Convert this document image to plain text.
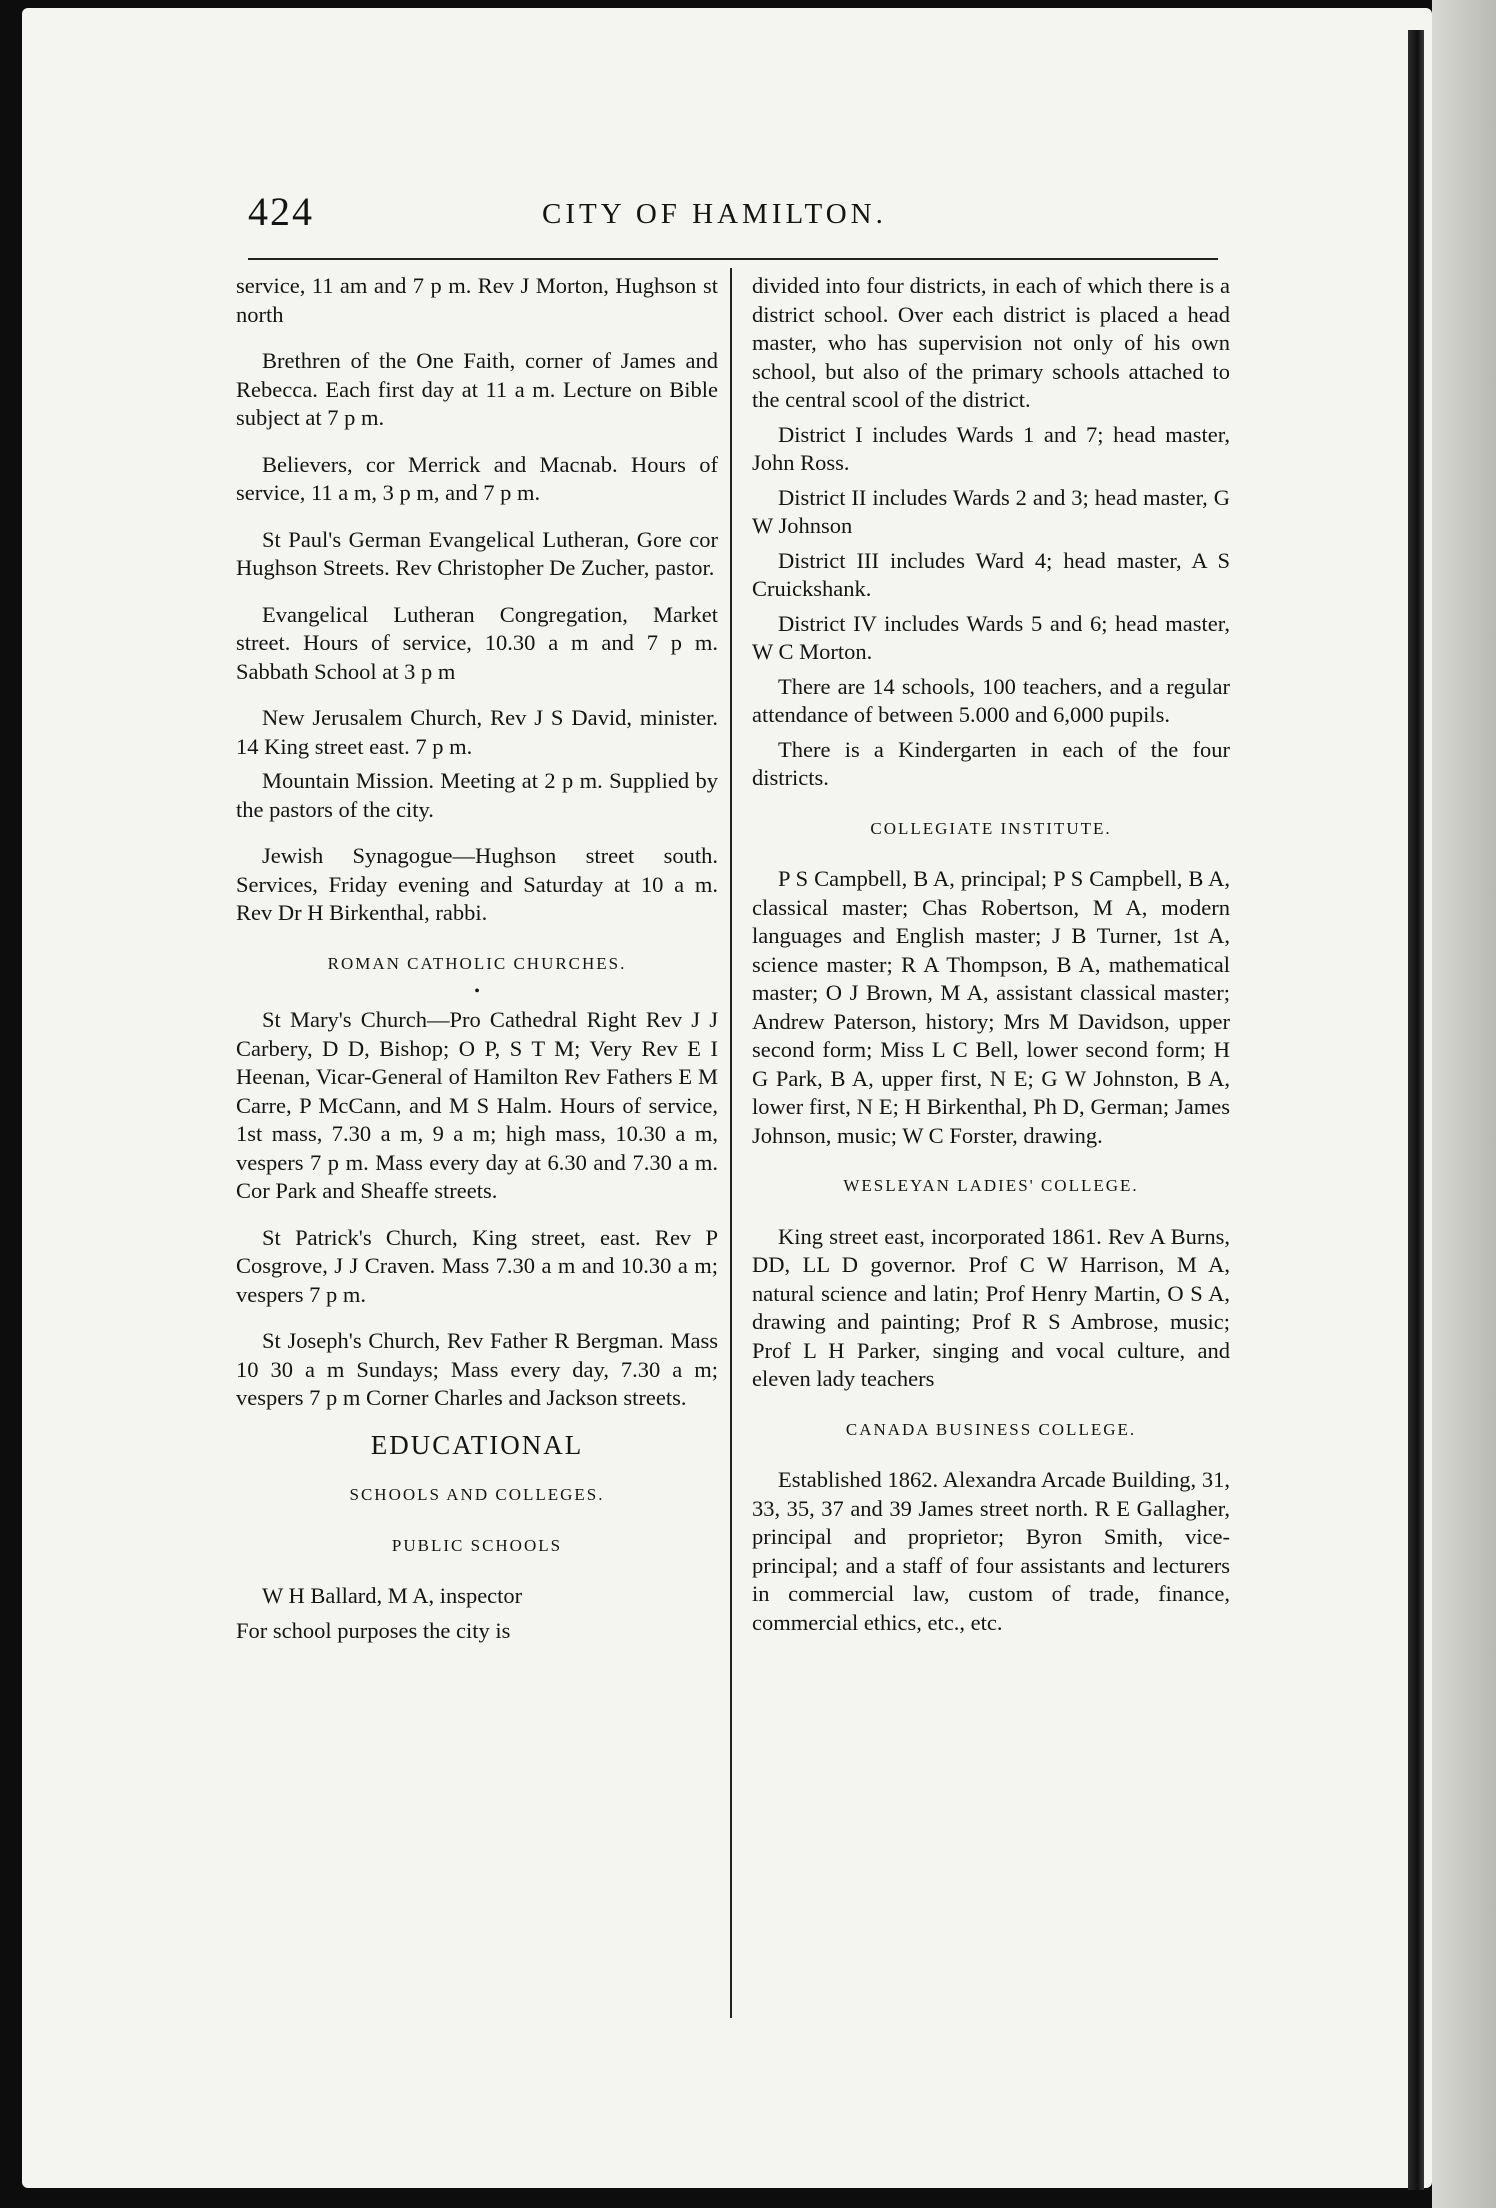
424	CITY OF HAMILTON.

service, 11 am and 7 p m. Rev J Morton, Hughson st north

Brethren of the One Faith, corner of James and Rebecca. Each first day at 11 a m. Lecture on Bible subject at 7 p m.

Believers, cor Merrick and Macnab. Hours of service, 11 a m, 3 p m, and 7 p m.

St Paul's German Evangelical Lutheran, Gore cor Hughson Streets. Rev Christopher De Zucher, pastor.

Evangelical Lutheran Congregation, Market street. Hours of service, 10.30 a m and 7 p m. Sabbath School at 3 p m

New Jerusalem Church, Rev J S David, minister. 14 King street east. 7 p m.

Mountain Mission. Meeting at 2 p m. Supplied by the pastors of the city.

Jewish Synagogue—Hughson street south. Services, Friday evening and Saturday at 10 a m. Rev Dr H Birkenthal, rabbi.

ROMAN CATHOLIC CHURCHES.
•

St Mary's Church—Pro Cathedral Right Rev J J Carbery, D D, Bishop; O P, S T M; Very Rev E I Heenan, Vicar-General of Hamilton Rev Fathers E M Carre, P McCann, and M S Halm. Hours of service, 1st mass, 7.30 a m, 9 a m; high mass, 10.30 a m, vespers 7 p m. Mass every day at 6.30 and 7.30 a m. Cor Park and Sheaffe streets.

St Patrick's Church, King street, east. Rev P Cosgrove, J J Craven. Mass 7.30 a m and 10.30 a m; vespers 7 p m.

St Joseph's Church, Rev Father R Bergman. Mass 10 30 a m Sundays; Mass every day, 7.30 a m; vespers 7 p m Corner Charles and Jackson streets.

EDUCATIONAL
SCHOOLS AND COLLEGES.
PUBLIC SCHOOLS

W H Ballard, M A, inspector

For school purposes the city is

divided into four districts, in each of which there is a district school. Over each district is placed a head master, who has supervision not only of his own school, but also of the primary schools attached to the central scool of the district.

District I includes Wards 1 and 7; head master, John Ross.

District II includes Wards 2 and 3; head master, G W Johnson

District III includes Ward 4; head master, A S Cruickshank.

District IV includes Wards 5 and 6; head master, W C Morton.

There are 14 schools, 100 teachers, and a regular attendance of between 5.000 and 6,000 pupils.

There is a Kindergarten in each of the four districts.

COLLEGIATE INSTITUTE.

P S Campbell, B A, principal; P S Campbell, B A, classical master; Chas Robertson, M A, modern languages and English master; J B Turner, 1st A, science master; R A Thompson, B A, mathematical master; O J Brown, M A, assistant classical master; Andrew Paterson, history; Mrs M Davidson, upper second form; Miss L C Bell, lower second form; H G Park, B A, upper first, N E; G W Johnston, B A, lower first, N E; H Birkenthal, Ph D, German; James Johnson, music; W C Forster, drawing.

WESLEYAN LADIES' COLLEGE.

King street east, incorporated 1861. Rev A Burns, DD, LL D governor. Prof C W Harrison, M A, natural science and latin; Prof Henry Martin, O S A, drawing and painting; Prof R S Ambrose, music; Prof L H Parker, singing and vocal culture, and eleven lady teachers

CANADA BUSINESS COLLEGE.

Established 1862. Alexandra Arcade Building, 31, 33, 35, 37 and 39 James street north. R E Gallagher, principal and proprietor; Byron Smith, vice-principal; and a staff of four assistants and lecturers in commercial law, custom of trade, finance, commercial ethics, etc., etc.
